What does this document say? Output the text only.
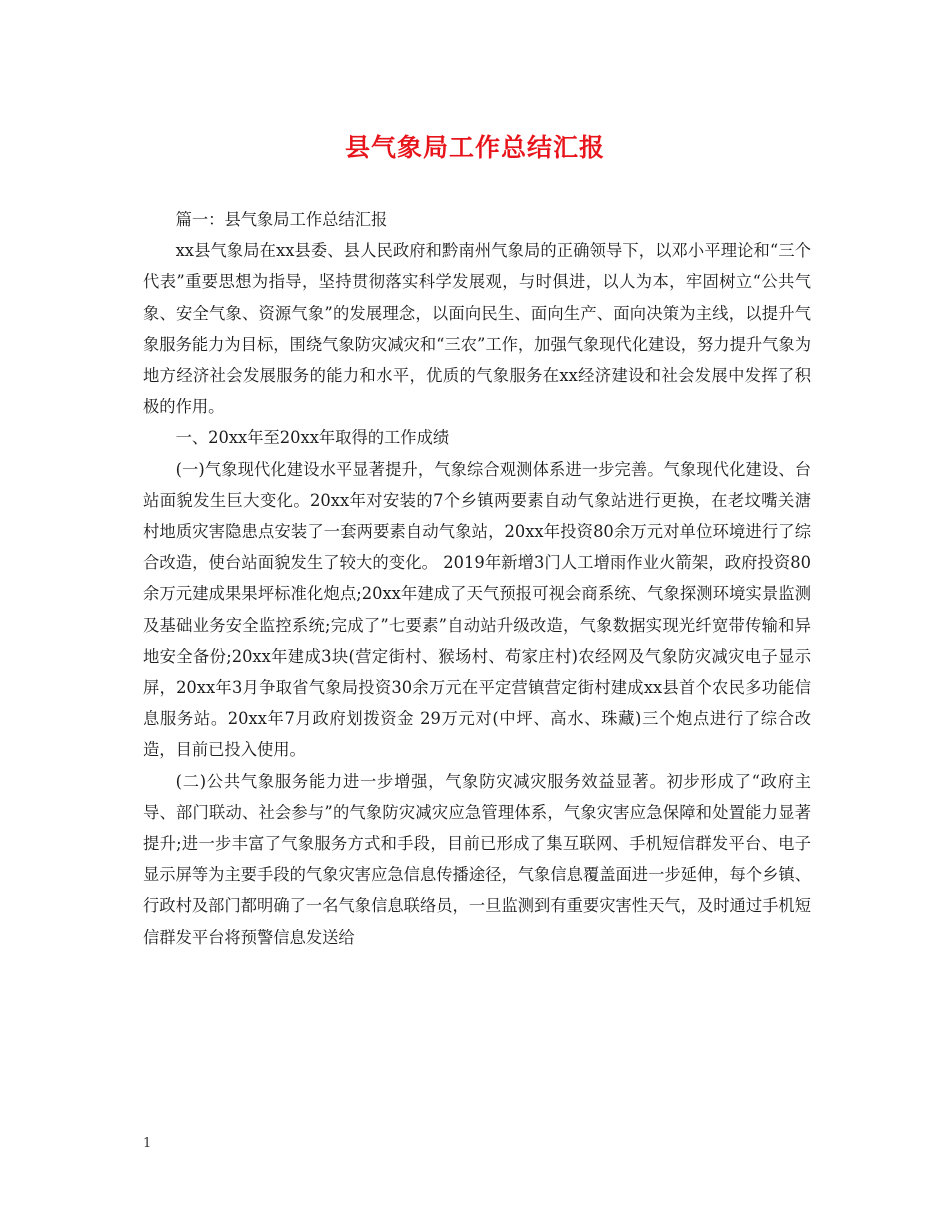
县气象局工作总结汇报

篇一：县气象局工作总结汇报

xx县气象局在xx县委、县人民政府和黔南州气象局的正确领导下，以邓小平理论和“三个代表”重要思想为指导，坚持贯彻落实科学发展观，与时俱进，以人为本，牢固树立“公共气象、安全气象、资源气象”的发展理念，以面向民生、面向生产、面向决策为主线，以提升气象服务能力为目标，围绕气象防灾减灾和“三农”工作，加强气象现代化建设，努力提升气象为地方经济社会发展服务的能力和水平，优质的气象服务在xx经济建设和社会发展中发挥了积极的作用。

一、20xx年至20xx年取得的工作成绩

(一)气象现代化建设水平显著提升，气象综合观测体系进一步完善。气象现代化建设、台站面貌发生巨大变化。20xx年对安装的7个乡镇两要素自动气象站进行更换，在老坟嘴关溏村地质灾害隐患点安装了一套两要素自动气象站，20xx年投资80余万元对单位环境进行了综合改造，使台站面貌发生了较大的变化。 2019年新增3门人工增雨作业火箭架，政府投资80余万元建成果果坪标准化炮点;20xx年建成了天气预报可视会商系统、气象探测环境实景监测及基础业务安全监控系统;完成了”七要素”自动站升级改造，气象数据实现光纤宽带传输和异地安全备份;20xx年建成3块(营定街村、猴场村、苟家庄村)农经网及气象防灾减灾电子显示屏，20xx年3月争取省气象局投资30余万元在平定营镇营定街村建成xx县首个农民多功能信息服务站。20xx年7月政府划拨资金 29万元对(中坪、高水、珠藏)三个炮点进行了综合改造，目前已投入使用。

(二)公共气象服务能力进一步增强，气象防灾减灾服务效益显著。初步形成了“政府主导、部门联动、社会参与”的气象防灾减灾应急管理体系，气象灾害应急保障和处置能力显著提升;进一步丰富了气象服务方式和手段，目前已形成了集互联网、手机短信群发平台、电子显示屏等为主要手段的气象灾害应急信息传播途径，气象信息覆盖面进一步延伸，每个乡镇、行政村及部门都明确了一名气象信息联络员，一旦监测到有重要灾害性天气，及时通过手机短信群发平台将预警信息发送给

1
